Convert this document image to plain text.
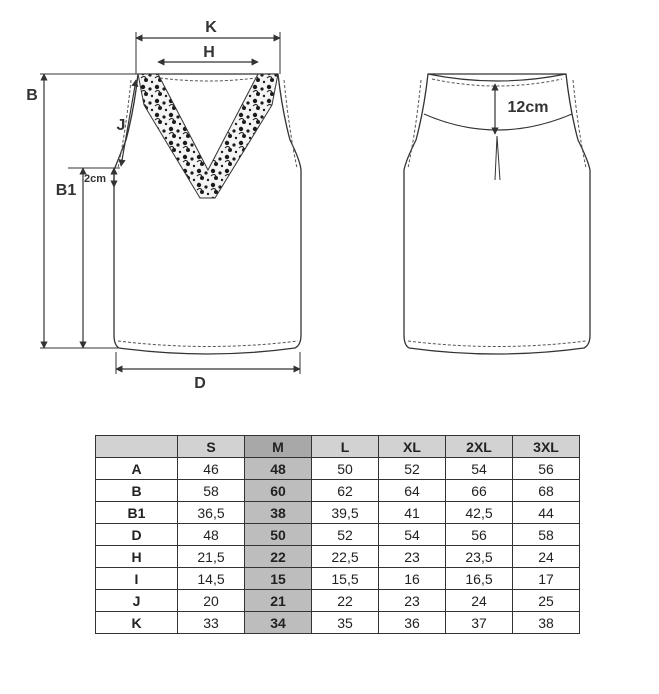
K
H
B
J
2cm
B1
D
12cm
	S	M	L	XL	2XL	3XL
A	46	48	50	52	54	56
B	58	60	62	64	66	68
B1	36,5	38	39,5	41	42,5	44
D	48	50	52	54	56	58
H	21,5	22	22,5	23	23,5	24
I	14,5	15	15,5	16	16,5	17
J	20	21	22	23	24	25
K	33	34	35	36	37	38
